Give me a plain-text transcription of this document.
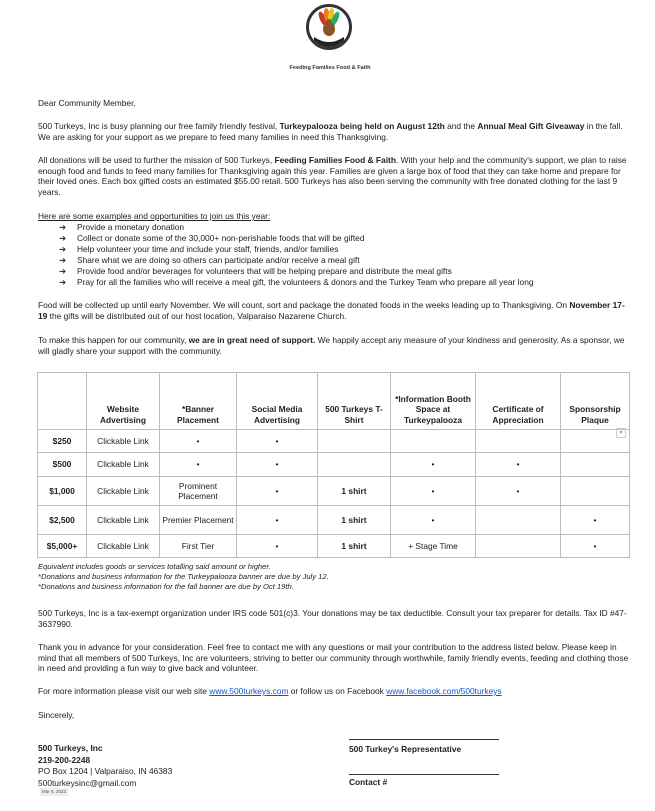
Feeding Families Food & Faith

Dear Community Member,

500 Turkeys, Inc is busy planning our free family friendly festival, Turkeypalooza being held on August 12th and the Annual Meal Gift Giveaway in the fall. We are asking for your support as we prepare to feed many families in need this Thanksgiving.

All donations will be used to further the mission of 500 Turkeys, Feeding Families Food & Faith. With your help and the community's support, we plan to raise enough food and funds to feed many families for Thanksgiving again this year. Families are given a large box of food that they can take home and prepare for their loved ones. Each box gifted costs an estimated $55.00 retail. 500 Turkeys has also been serving the community with free donated clothing for the last 9 years.

Here are some examples and opportunities to join us this year:

➔ Provide a monetary donation
➔ Collect or donate some of the 30,000+ non-perishable foods that will be gifted
➔ Help volunteer your time and include your staff, friends, and/or families
➔ Share what we are doing so others can participate and/or receive a meal gift
➔ Provide food and/or beverages for volunteers that will be helping prepare and distribute the meal gifts
➔ Pray for all the families who will receive a meal gift, the volunteers & donors and the Turkey Team who prepare all year long

Food will be collected up until early November. We will count, sort and package the donated foods in the weeks leading up to Thanksgiving. On November 17-19 the gifts will be distributed out of our host location, Valparaiso Nazarene Church.

To make this happen for our community, we are in great need of support. We happily accept any measure of your kindness and generosity. As a sponsor, we will gladly share your support with the community.

	Website Advertising	*Banner Placement	Social Media Advertising	500 Turkeys T-Shirt	*Information Booth Space at Turkeypalooza	Certificate of Appreciation	Sponsorship Plaque
$250	Clickable Link	•	•				
$500	Clickable Link	•	•		•	•	
$1,000	Clickable Link	Prominent Placement	•	1 shirt	•	•	
$2,500	Clickable Link	Premier Placement	•	1 shirt	•		•
$5,000+	Clickable Link	First Tier	•	1 shirt	+ Stage Time		•
▾
Equivalent includes goods or services totalling said amount or higher.
*Donations and business information for the Turkeypalooza banner are due by July 12.
*Donations and business information for the fall banner are due by Oct 19th.

500 Turkeys, Inc is a tax-exempt organization under IRS code 501(c)3. Your donations may be tax deductible. Consult your tax preparer for details. Tax ID #47-3637990.

Thank you in advance for your consideration. Feel free to contact me with any questions or mail your contribution to the address listed below. Please keep in mind that all members of 500 Turkeys, Inc are volunteers, striving to better our community through worthwhile, family friendly events, feeding and clothing those in need and providing a fun way to give back and volunteer.

For more information please visit our web site www.500turkeys.com or follow us on Facebook www.facebook.com/500turkeys

Sincerely,

500 Turkeys, Inc
219-200-2248
PO Box 1204 | Valparaiso, IN 46383
500turkeysinc@gmail.com
500 Turkey's Representative
Contact #
Mar 6, 2023
